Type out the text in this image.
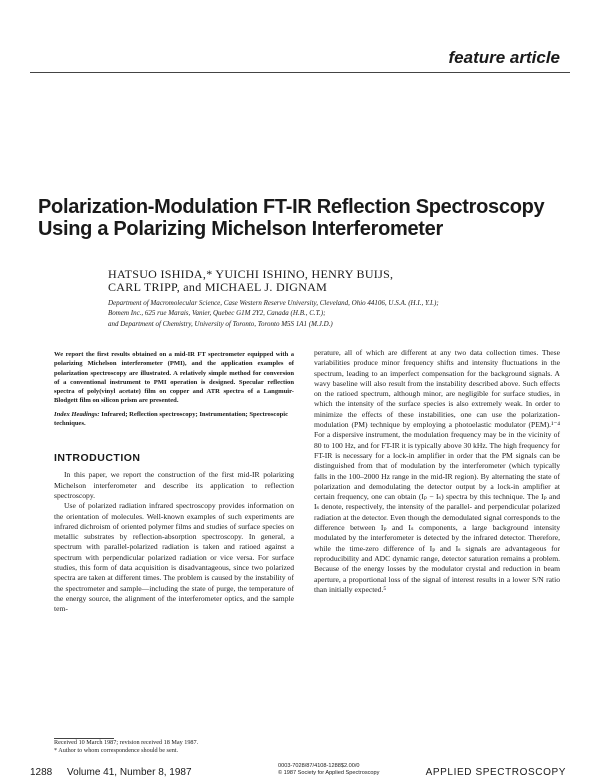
feature article
Polarization-Modulation FT-IR Reflection Spectroscopy
Using a Polarizing Michelson Interferometer
HATSUO ISHIDA,* YUICHI ISHINO, HENRY BUIJS,
CARL TRIPP, and MICHAEL J. DIGNAM
Department of Macromolecular Science, Case Western Reserve University, Cleveland, Ohio 44106, U.S.A. (H.I., Y.I.);
Bomem Inc., 625 rue Marais, Vanier, Quebec G1M 2Y2, Canada (H.B., C.T.);
and Department of Chemistry, University of Toronto, Toronto M5S 1A1 (M.J.D.)

We report the first results obtained on a mid-IR FT spectrometer equipped with a polarizing Michelson interferometer (PMI), and the application examples of polarization spectroscopy are illustrated. A relatively simple method for conversion of a conventional instrument to PMI operation is designed. Specular reflection spectra of poly(vinyl acetate) film on copper and ATR spectra of a Langmuir-Blodgett film on silicon prism are presented.

Index Headings: Infrared; Reflection spectroscopy; Instrumentation; Spectroscopic techniques.
INTRODUCTION

In this paper, we report the construction of the first mid-IR polarizing Michelson interferometer and describe its application to reflection spectroscopy.

Use of polarized radiation infrared spectroscopy provides information on the orientation of molecules. Well-known examples of such experiments are infrared dichroism of oriented polymer films and studies of surface species on metallic substrates by reflection-absorption spectroscopy. In general, a spectrum with parallel-polarized radiation is taken and ratioed against a spectrum with perpendicular polarized radiation or vice versa. For surface studies, this form of data acquisition is disadvantageous, since two polarized spectra are taken at different times. The problem is caused by the instability of the spectrometer and sample—including the state of purge, the temperature of the energy source, the alignment of the interferometer optics, and the sample tem-

perature, all of which are different at any two data collection times. These variabilities produce minor frequency shifts and intensity fluctuations in the spectrum, leading to an imperfect compensation for the background signals. A wavy baseline will also result from the instability described above. Such effects on the ratioed spectrum, although minor, are negligible for surface studies, in which the intensity of the surface species is also extremely weak. In order to minimize the effects of these instabilities, one can use the polarization-modulation (PM) technique by employing a photoelastic modulator (PEM).¹⁻⁴ For a dispersive instrument, the modulation frequency may be in the vicinity of 80 to 100 Hz, and for FT-IR it is typically above 30 kHz. The high frequency for FT-IR is necessary for a lock-in amplifier in order that the PM signals can be distinguished from that of modulation by the interferometer (which typically falls in the 100–2000 Hz range in the mid-IR region). By alternating the state of polarization and demodulating the detector output by a lock-in amplifier at certain frequency, one can obtain (Iₚ − Iₛ) spectra by this technique. The Iₚ and Iₛ denote, respectively, the intensity of the parallel- and perpendicular polarized radiation at the detector. Even though the demodulated signal corresponds to the difference between Iₚ and Iₛ components, a large background intensity modulated by the interferometer is detected by the infrared detector. Therefore, while the time-zero difference of Iₚ and Iₛ signals are advantageous for reproducibility and ADC dynamic range, detector saturation remains a problem. Because of the energy losses by the modulator crystal and reduction in beam aperture, a proportional loss of the signal of interest results in a lower S/N ratio than initially expected.⁵

Received 10 March 1987; revision received 18 May 1987.
* Author to whom correspondence should be sent.
1288 Volume 41, Number 8, 1987
0003-7028/87/4108-1288$2.00/0
© 1987 Society for Applied Spectroscopy	APPLIED SPECTROSCOPY
